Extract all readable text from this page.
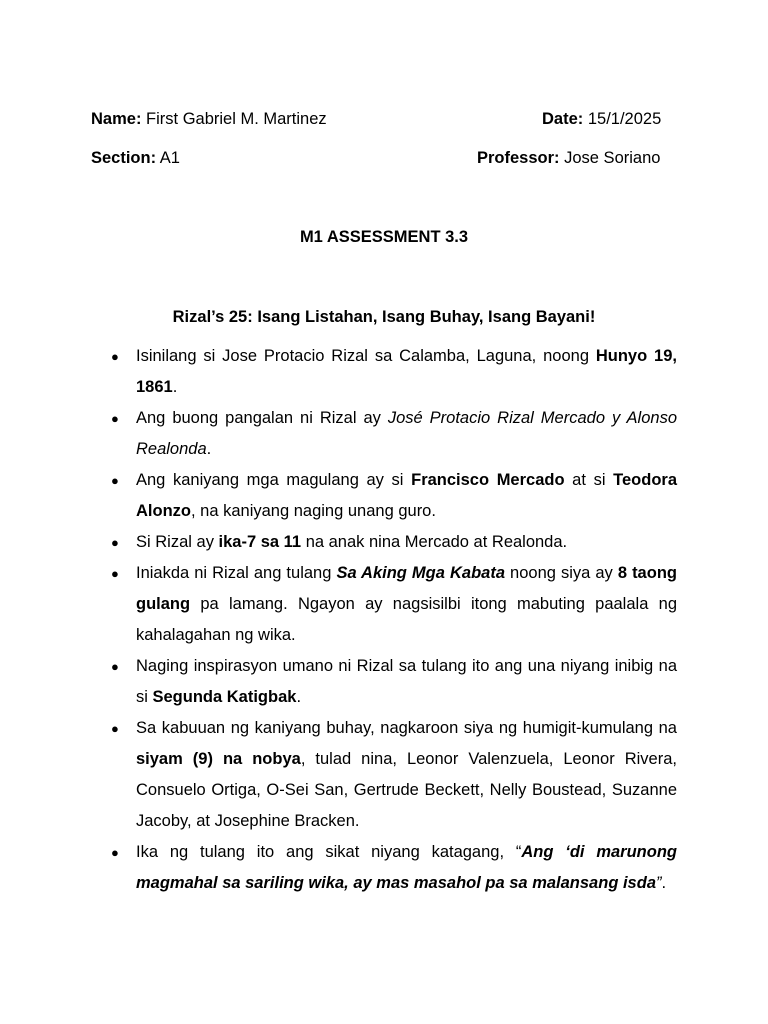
Name: First Gabriel M. Martinez	Date: 15/1/2025
Section: A1	Professor: Jose Soriano
M1 ASSESSMENT 3.3
Rizal’s 25: Isang Listahan, Isang Buhay, Isang Bayani!
● Isinilang si Jose Protacio Rizal sa Calamba, Laguna, noong Hunyo 19, 1861.
● Ang buong pangalan ni Rizal ay José Protacio Rizal Mercado y Alonso Realonda.
● Ang kaniyang mga magulang ay si Francisco Mercado at si Teodora Alonzo, na kaniyang naging unang guro.
● Si Rizal ay ika-7 sa 11 na anak nina Mercado at Realonda.
● Iniakda ni Rizal ang tulang Sa Aking Mga Kabata noong siya ay 8 taong gulang pa lamang. Ngayon ay nagsisilbi itong mabuting paalala ng kahalagahan ng wika.
● Naging inspirasyon umano ni Rizal sa tulang ito ang una niyang inibig na si Segunda Katigbak.
● Sa kabuuan ng kaniyang buhay, nagkaroon siya ng humigit-kumulang na siyam (9) na nobya, tulad nina, Leonor Valenzuela, Leonor Rivera, Consuelo Ortiga, O-Sei San, Gertrude Beckett, Nelly Boustead, Suzanne Jacoby, at Josephine Bracken.
● Ika ng tulang ito ang sikat niyang katagang, “Ang ‘di marunong magmahal sa sariling wika, ay mas masahol pa sa malansang isda”.
